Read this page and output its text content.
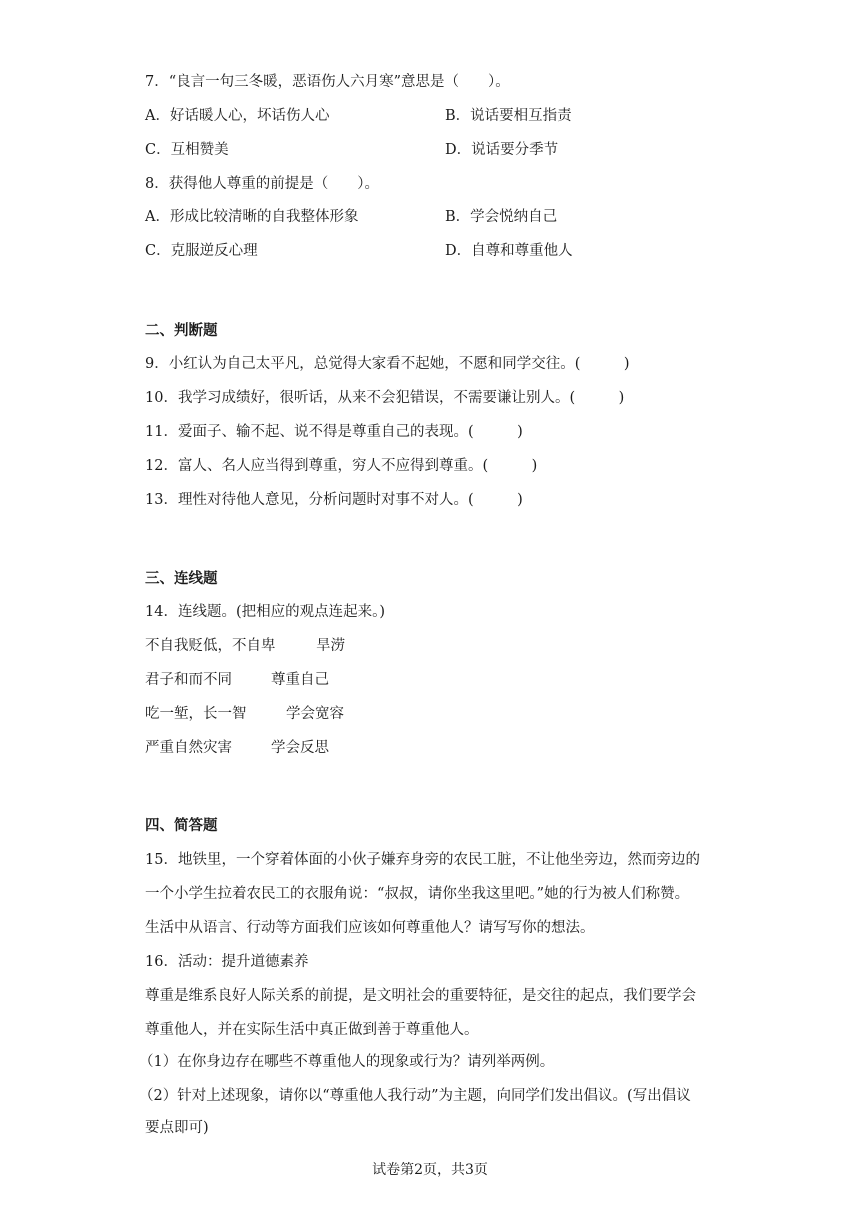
7．“良言一句三冬暖，恶语伤人六月寒”意思是（　　）。
A．好话暖人心，坏话伤人心	B．说话要相互指责
C．互相赞美	D．说话要分季节
8．获得他人尊重的前提是（　　）。
A．形成比较清晰的自我整体形象	B．学会悦纳自己
C．克服逆反心理	D．自尊和尊重他人
二、判断题
9．小红认为自己太平凡，总觉得大家看不起她，不愿和同学交往。(　　　)
10．我学习成绩好，很听话，从来不会犯错误，不需要谦让别人。(　　　)
11．爱面子、输不起、说不得是尊重自己的表现。(　　　)
12．富人、名人应当得到尊重，穷人不应得到尊重。(　　　)
13．理性对待他人意见，分析问题时对事不对人。(　　　)
三、连线题
14．连线题。(把相应的观点连起来。)
不自我贬低，不自卑	旱涝
君子和而不同	尊重自己
吃一堑，长一智	学会宽容
严重自然灾害	学会反思
四、简答题
15．地铁里，一个穿着体面的小伙子嫌弃身旁的农民工脏，不让他坐旁边，然而旁边的
一个小学生拉着农民工的衣服角说：“叔叔，请你坐我这里吧。”她的行为被人们称赞。
生活中从语言、行动等方面我们应该如何尊重他人？请写写你的想法。
16．活动：提升道德素养
尊重是维系良好人际关系的前提，是文明社会的重要特征，是交往的起点，我们要学会
尊重他人，并在实际生活中真正做到善于尊重他人。
（1）在你身边存在哪些不尊重他人的现象或行为？请列举两例。
（2）针对上述现象，请你以“尊重他人我行动”为主题，向同学们发出倡议。(写出倡议
要点即可)
试卷第2页，共3页
